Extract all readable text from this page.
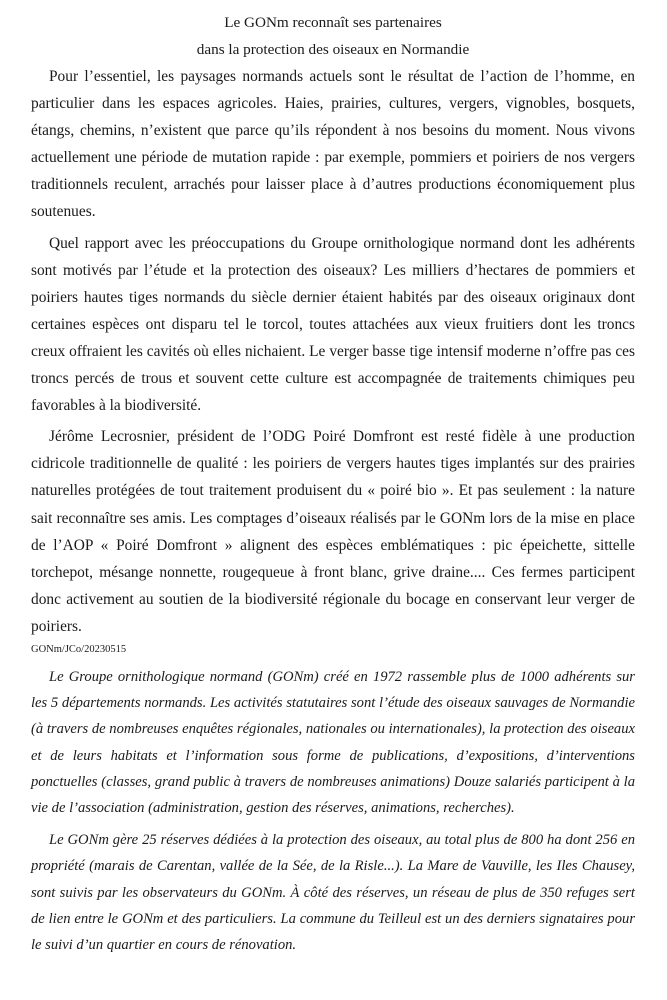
Le GONm reconnaît ses partenaires

dans la protection des oiseaux en Normandie

Pour l’essentiel, les paysages normands actuels sont le résultat de l’action de l’homme, en particulier dans les espaces agricoles. Haies, prairies, cultures, vergers, vignobles, bosquets, étangs, chemins, n’existent que parce qu’ils répondent à nos besoins du moment. Nous vivons actuellement une période de mutation rapide : par exemple, pommiers et poiriers de nos vergers traditionnels reculent, arrachés pour laisser place à d’autres productions économiquement plus soutenues.

Quel rapport avec les préoccupations du Groupe ornithologique normand dont les adhérents sont motivés par l’étude et la protection des oiseaux? Les milliers d’hectares de pommiers et poiriers hautes tiges normands du siècle dernier étaient habités par des oiseaux originaux dont certaines espèces ont disparu tel le torcol, toutes attachées aux vieux fruitiers dont les troncs creux offraient les cavités où elles nichaient. Le verger basse tige intensif moderne n’offre pas ces troncs percés de trous et souvent cette culture est accompagnée de traitements chimiques peu favorables à la biodiversité.

Jérôme Lecrosnier, président de l’ODG Poiré Domfront est resté fidèle à une production cidricole traditionnelle de qualité : les poiriers de vergers hautes tiges implantés sur des prairies naturelles protégées de tout traitement produisent du « poiré bio ». Et pas seulement : la nature sait reconnaître ses amis. Les comptages d’oiseaux réalisés par le GONm lors de la mise en place de l’AOP « Poiré Domfront » alignent des espèces emblématiques : pic épeichette, sittelle torchepot, mésange nonnette, rougequeue à front blanc, grive draine.... Ces fermes participent donc activement au soutien de la biodiversité régionale du bocage en conservant leur verger de poiriers.

GONm/JCo/20230515

Le Groupe ornithologique normand (GONm) créé en 1972 rassemble plus de 1000 adhérents sur les 5 départements normands. Les activités statutaires sont l’étude des oiseaux sauvages de Normandie (à travers de nombreuses enquêtes régionales, nationales ou internationales), la protection des oiseaux et de leurs habitats et l’information sous forme de publications, d’expositions, d’interventions ponctuelles (classes, grand public à travers de nombreuses animations) Douze salariés participent à la vie de l’association (administration, gestion des réserves, animations, recherches).

Le GONm gère 25 réserves dédiées à la protection des oiseaux, au total plus de 800 ha dont 256 en propriété (marais de Carentan, vallée de la Sée, de la Risle...). La Mare de Vauville, les Iles Chausey, sont suivis par les observateurs du GONm. À côté des réserves, un réseau de plus de 350 refuges sert de lien entre le GONm et des particuliers. La commune du Teilleul est un des derniers signataires pour le suivi d’un quartier en cours de rénovation.
